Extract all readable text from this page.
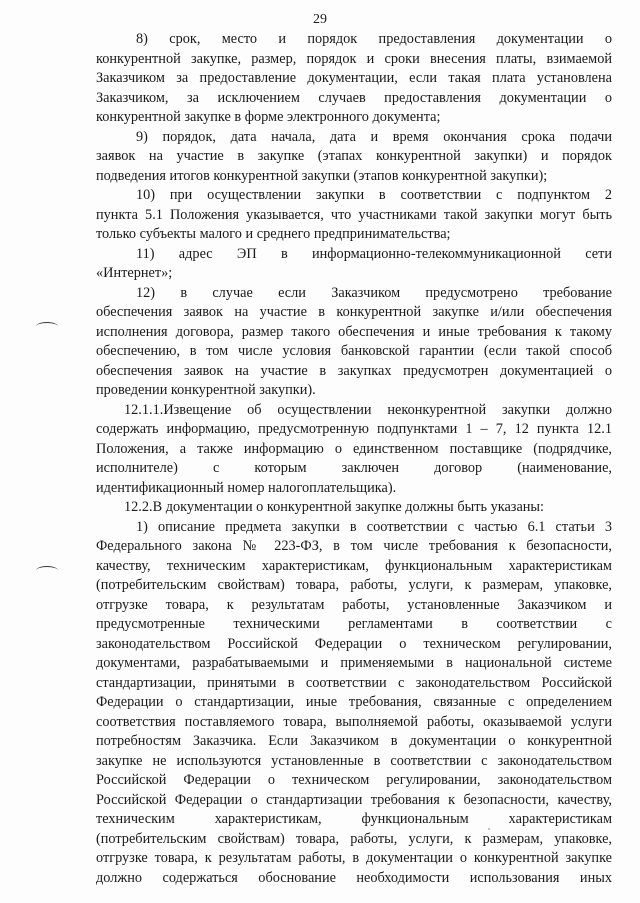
29
8) срок, место и порядок предоставления документации о
конкурентной закупке, размер, порядок и сроки внесения платы, взимаемой
Заказчиком за предоставление документации, если такая плата установлена
Заказчиком, за исключением случаев предоставления документации о
конкурентной закупке в форме электронного документа;
9) порядок, дата начала, дата и время окончания срока подачи
заявок на участие в закупке (этапах конкурентной закупки) и порядок
подведения итогов конкурентной закупки (этапов конкурентной закупки);
10) при осуществлении закупки в соответствии с подпунктом 2
пункта 5.1 Положения указывается, что участниками такой закупки могут быть
только субъекты малого и среднего предпринимательства;
11) адрес ЭП в информационно-телекоммуникационной сети
«Интернет»;
12) в случае если Заказчиком предусмотрено требование
обеспечения заявок на участие в конкурентной закупке и/или обеспечения
исполнения договора, размер такого обеспечения и иные требования к такому
обеспечению, в том числе условия банковской гарантии (если такой способ
обеспечения заявок на участие в закупках предусмотрен документацией о
проведении конкурентной закупки).
12.1.1.Извещение об осуществлении неконкурентной закупки должно
содержать информацию, предусмотренную подпунктами 1 – 7, 12 пункта 12.1
Положения, а также информацию о единственном поставщике (подрядчике,
исполнителе) с которым заключен договор (наименование,
идентификационный номер налогоплательщика).
12.2.В документации о конкурентной закупке должны быть указаны:
1) описание предмета закупки в соответствии с частью 6.1 статьи 3
Федерального закона № 223-ФЗ, в том числе требования к безопасности,
качеству, техническим характеристикам, функциональным характеристикам
(потребительским свойствам) товара, работы, услуги, к размерам, упаковке,
отгрузке товара, к результатам работы, установленные Заказчиком и
предусмотренные техническими регламентами в соответствии с
законодательством Российской Федерации о техническом регулировании,
документами, разрабатываемыми и применяемыми в национальной системе
стандартизации, принятыми в соответствии с законодательством Российской
Федерации о стандартизации, иные требования, связанные с определением
соответствия поставляемого товара, выполняемой работы, оказываемой услуги
потребностям Заказчика. Если Заказчиком в документации о конкурентной
закупке не используются установленные в соответствии с законодательством
Российской Федерации о техническом регулировании, законодательством
Российской Федерации о стандартизации требования к безопасности, качеству,
техническим характеристикам, функциональным характеристикам
(потребительским свойствам) товара, работы, услуги, к размерам, упаковке,
отгрузке товара, к результатам работы, в документации о конкурентной закупке
должно содержаться обоснование необходимости использования иных
